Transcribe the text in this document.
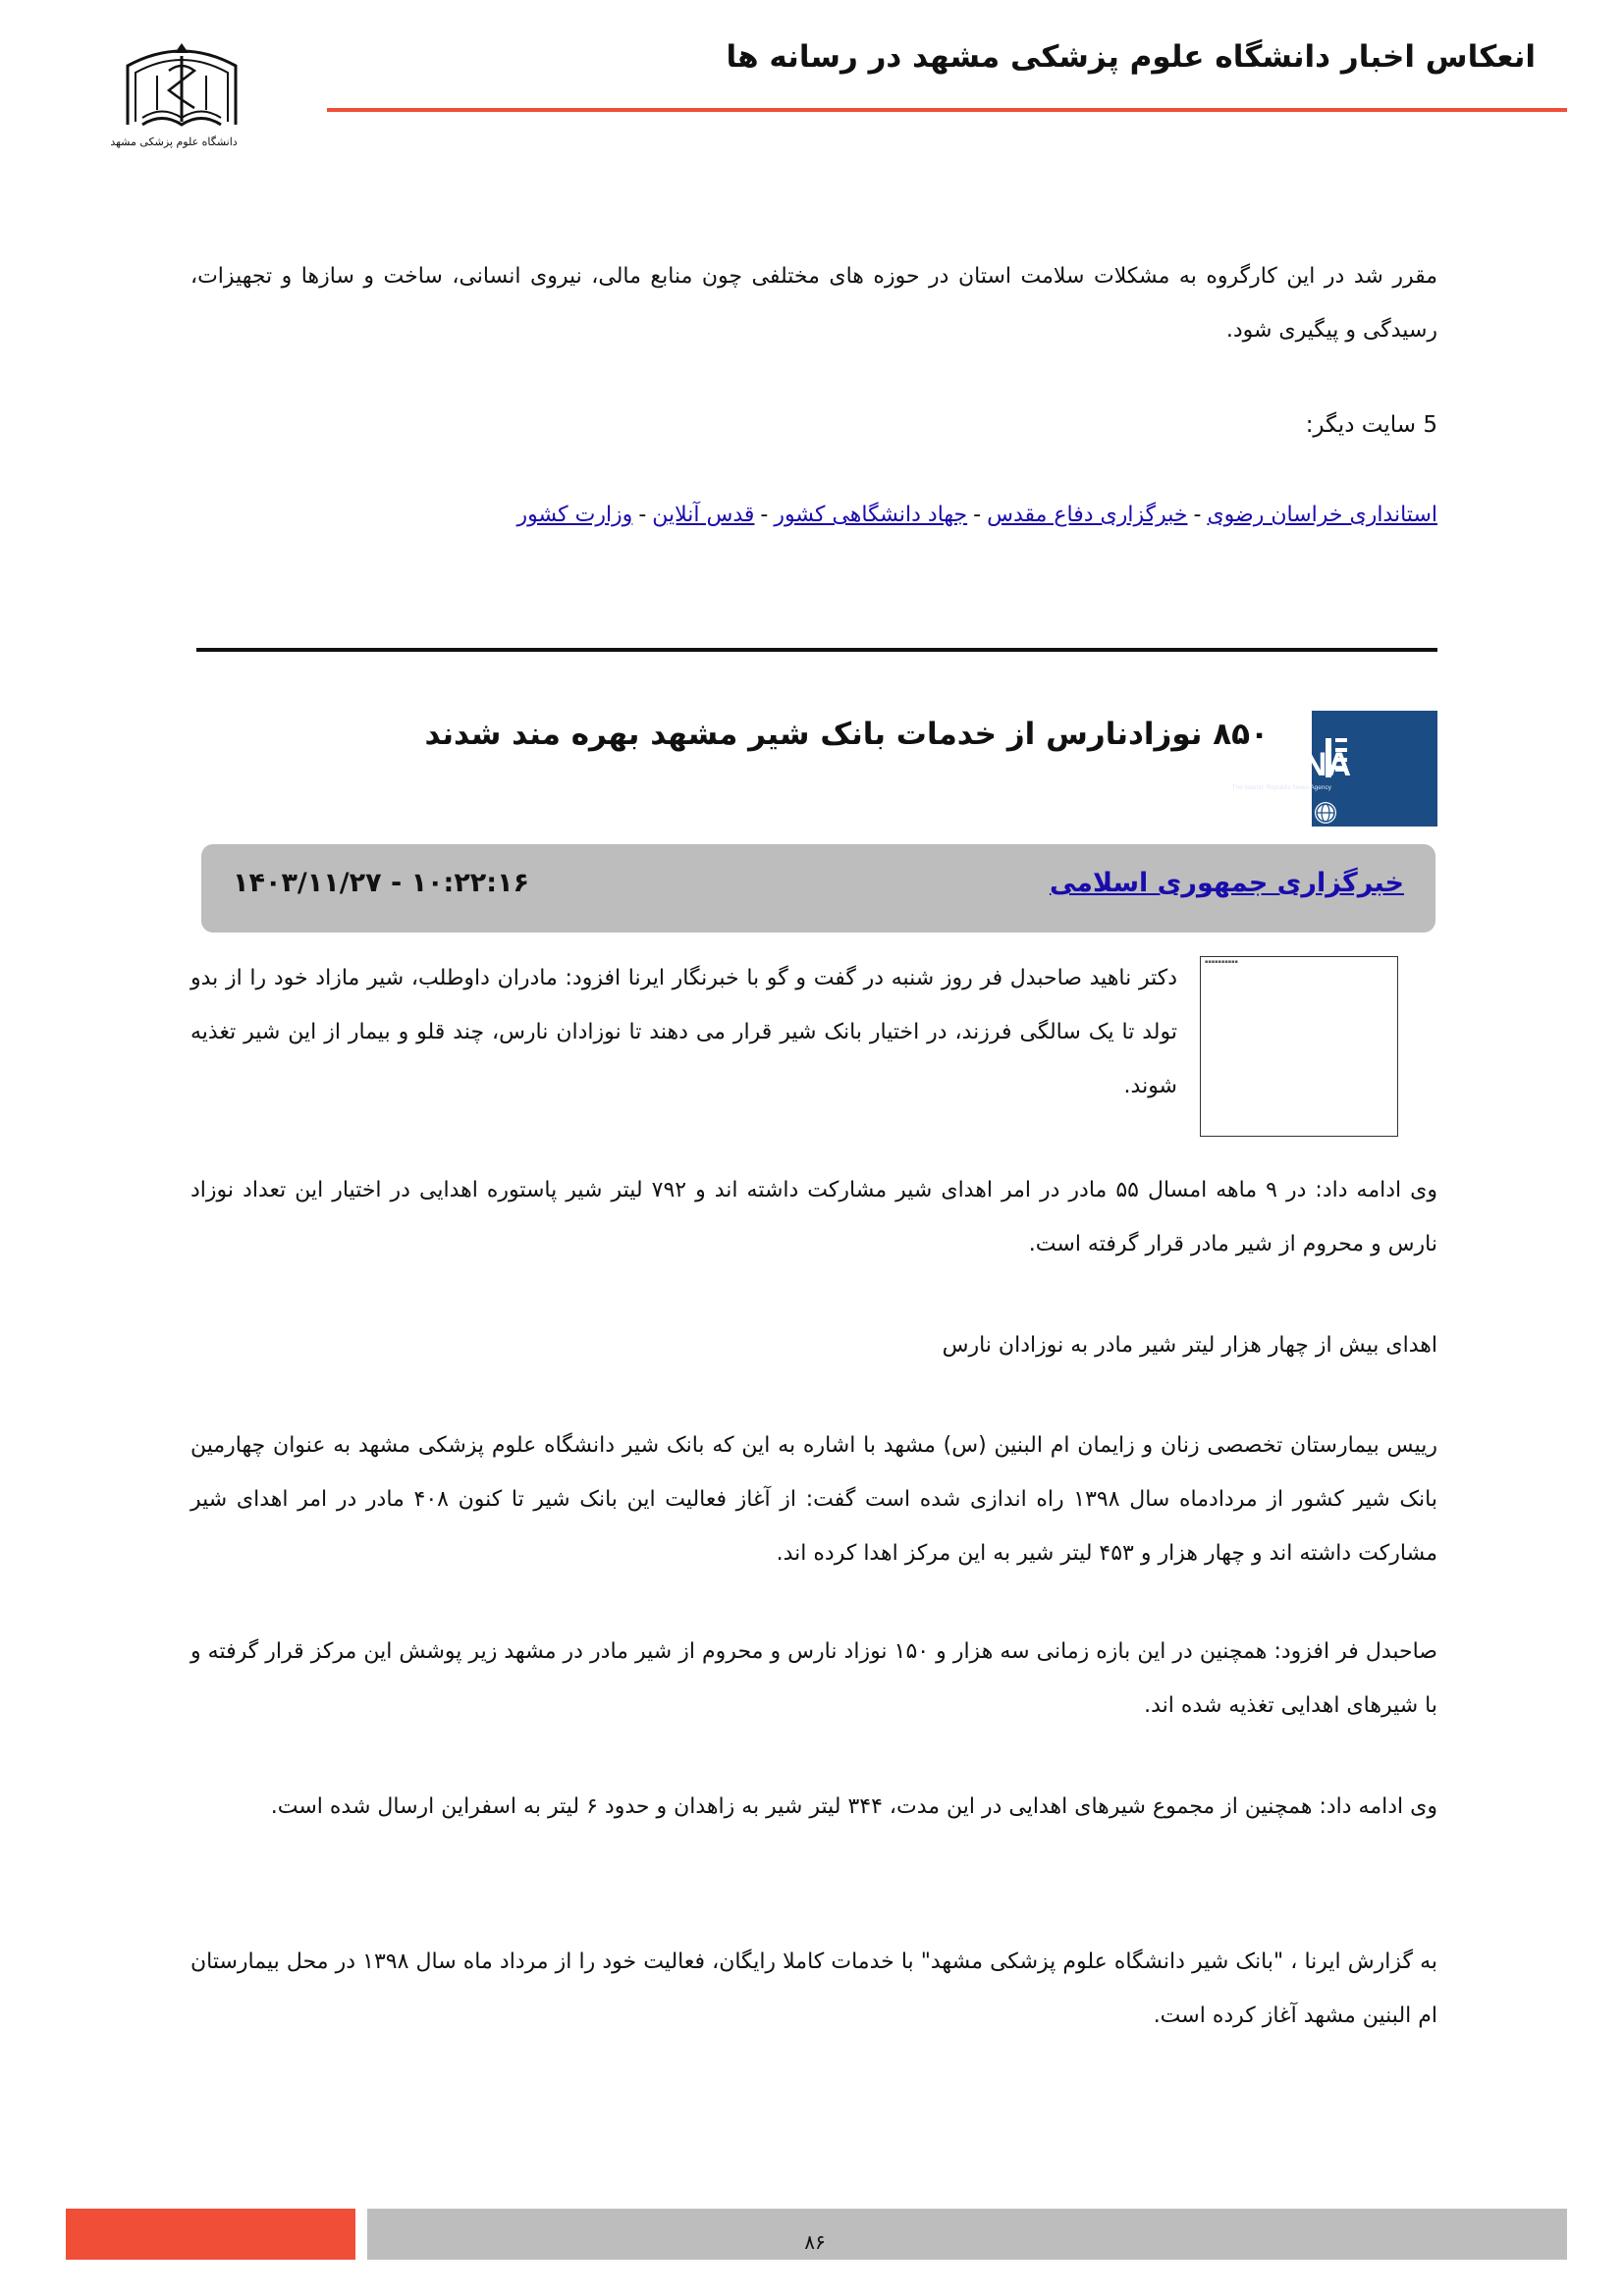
انعکاس اخبار دانشگاه علوم پزشکی مشهد در رسانه ها
دانشگاه علوم پزشکی مشهد

مقرر شد در این کارگروه به مشکلات سلامت استان در حوزه های مختلفی چون منابع مالی، نیروی انسانی، ساخت و سازها و تجهیزات، رسیدگی و پیگیری شود.

5 سایت دیگر:

استانداری خراسان رضوی-خبرگزاری دفاع مقدس-جهاد دانشگاهی کشور-قدس آنلاین-وزارت کشور

IRNA
The Islamic Republic News Agency

۸۵۰ نوزادنارس از خدمات بانک شیر مشهد بهره مند شدند

خبرگزاری جمهوری اسلامی

۱۴۰۳/۱۱/۲۷ - ۱۰:۲۲:۱۶

▪▪▪▪▪▪▪▪▪▪

دکتر ناهید صاحبدل فر روز شنبه در گفت و گو با خبرنگار ایرنا افزود: مادران داوطلب، شیر مازاد خود را از بدو تولد تا یک سالگی فرزند، در اختیار بانک شیر قرار می دهند تا نوزادان نارس، چند قلو و بیمار از این شیر تغذیه شوند.

وی ادامه داد: در ۹ ماهه امسال ۵۵ مادر در امر اهدای شیر مشارکت داشته اند و ۷۹۲ لیتر شیر پاستوره اهدایی در اختیار این تعداد نوزاد نارس و محروم از شیر مادر قرار گرفته است.

اهدای بیش از چهار هزار لیتر شیر مادر به نوزادان نارس

رییس بیمارستان تخصصی زنان و زایمان ام البنین (س) مشهد با اشاره به این که بانک شیر دانشگاه علوم پزشکی مشهد به عنوان چهارمین بانک شیر کشور از مردادماه سال ۱۳۹۸ راه اندازی شده است گفت: از آغاز فعالیت این بانک شیر تا کنون ۴۰۸ مادر در امر اهدای شیر مشارکت داشته اند و چهار هزار و ۴۵۳ لیتر شیر به این مرکز اهدا کرده اند.

صاحبدل فر افزود: همچنین در این بازه زمانی سه هزار و ۱۵۰ نوزاد نارس و محروم از شیر مادر در مشهد زیر پوشش این مرکز قرار گرفته و با شیرهای اهدایی تغذیه شده اند.

وی ادامه داد: همچنین از مجموع شیرهای اهدایی در این مدت، ۳۴۴ لیتر شیر به زاهدان و حدود ۶ لیتر به اسفراین ارسال شده است.

به گزارش ایرنا ، "بانک شیر دانشگاه علوم پزشکی مشهد" با خدمات کاملا رایگان، فعالیت خود را از مرداد ماه سال ۱۳۹۸ در محل بیمارستان ام البنین مشهد آغاز کرده است.

۸۶
